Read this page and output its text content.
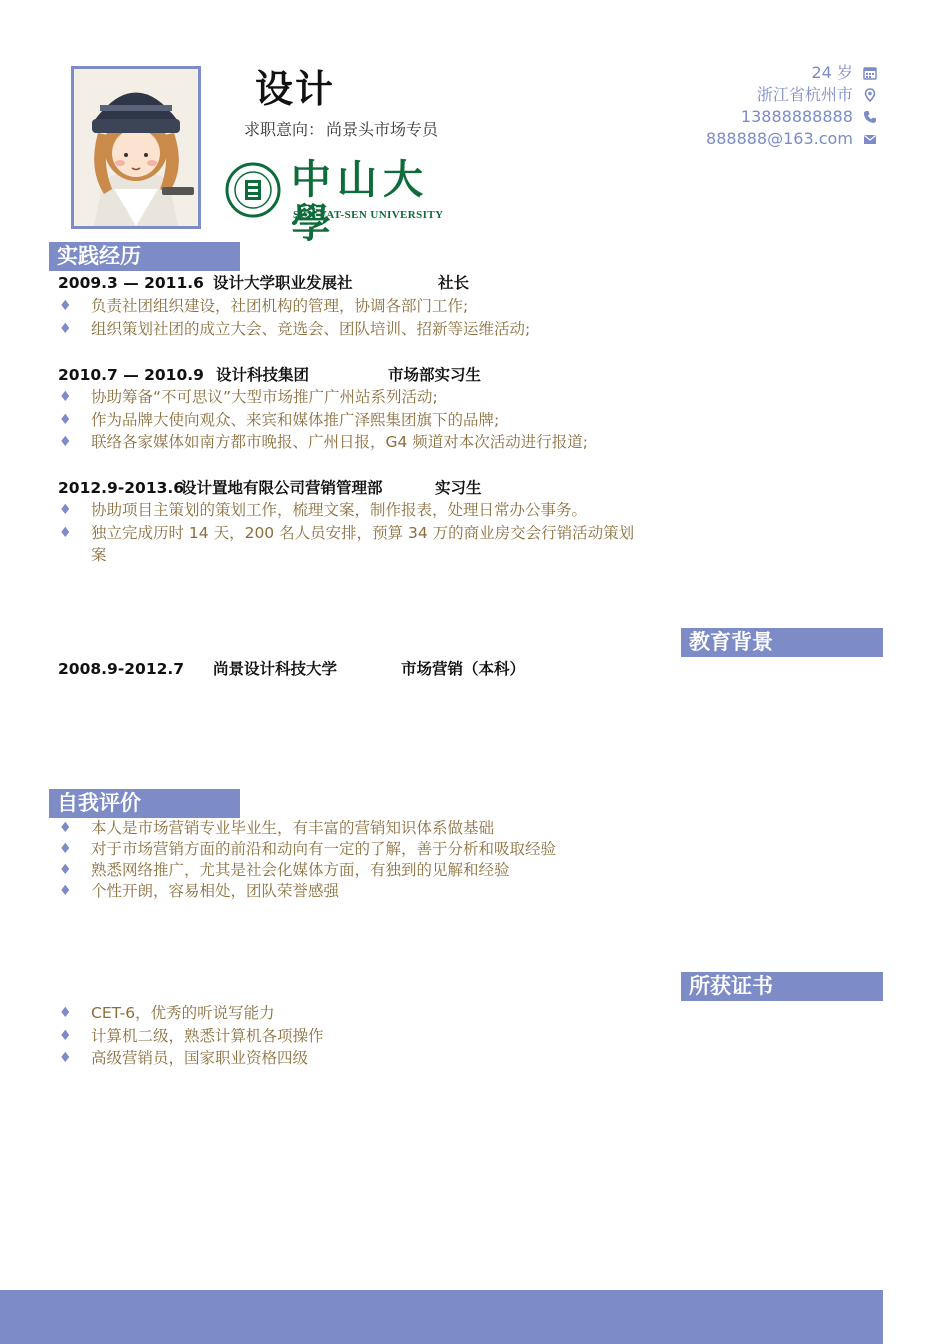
设计
求职意向： 尚景头市场专员
中山大學
SUN YAT-SEN UNIVERSITY
24 岁
浙江省杭州市
13888888888
888888@163.com
实践经历
2009.3 — 2011.6 设计大学职业发展社	社长
♦ 负责社团组织建设，社团机构的管理，协调各部门工作;
♦ 组织策划社团的成立大会、竞选会、团队培训、招新等运维活动;
2010.7 — 2010.9 设计科技集团	市场部实习生
♦ 协助筹备“不可思议”大型市场推广广州站系列活动;
♦ 作为品牌大使向观众、来宾和媒体推广泽熙集团旗下的品牌;
♦ 联络各家媒体如南方都市晚报、广州日报，G4 频道对本次活动进行报道;
2012.9-2013.6
设计置地有限公司营销管理部	实习生
♦ 协助项目主策划的策划工作，梳理文案，制作报表，处理日常办公事务。
♦ 独立完成历时 14 天，200 名人员安排，预算 34 万的商业房交会行销活动策划案
教育背景
2008.9-2012.7 尚景设计科技大学	市场营销（本科）
自我评价
♦ 本人是市场营销专业毕业生，有丰富的营销知识体系做基础
♦ 对于市场营销方面的前沿和动向有一定的了解，善于分析和吸取经验
♦ 熟悉网络推广，尤其是社会化媒体方面，有独到的见解和经验
♦ 个性开朗，容易相处，团队荣誉感强
所获证书
♦ CET-6，优秀的听说写能力
♦ 计算机二级，熟悉计算机各项操作
♦ 高级营销员，国家职业资格四级
